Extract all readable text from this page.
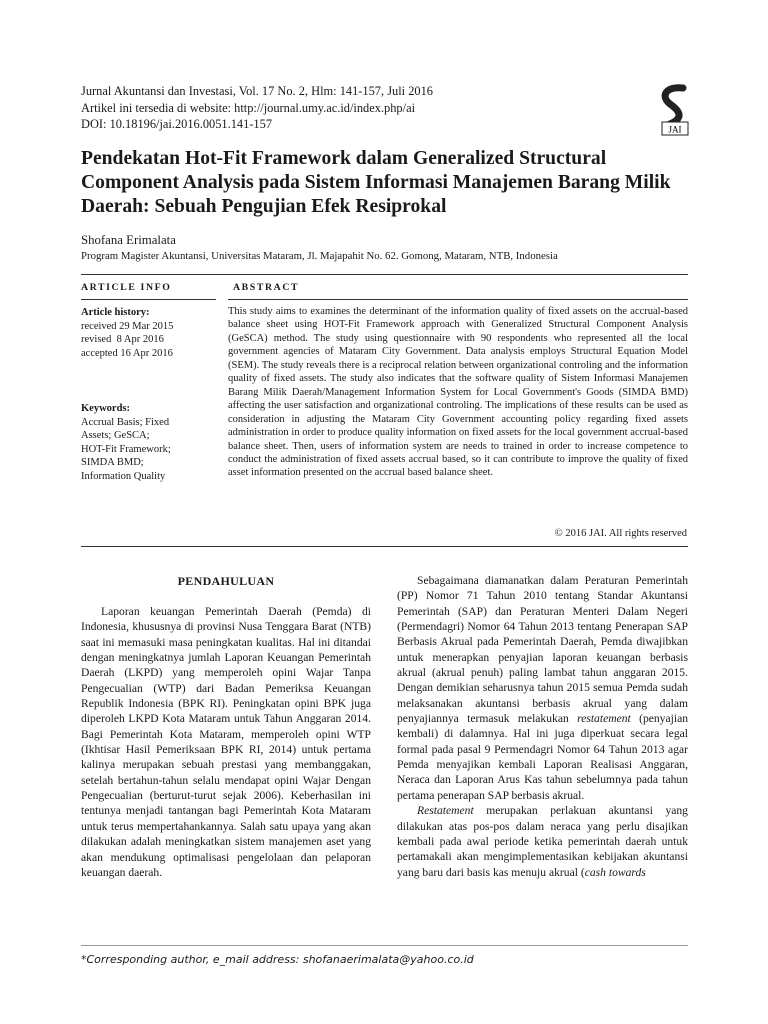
Jurnal Akuntansi dan Investasi, Vol. 17 No. 2, Hlm: 141-157, Juli 2016
Artikel ini tersedia di website: http://journal.umy.ac.id/index.php/ai
DOI: 10.18196/jai.2016.0051.141-157	JAI
Pendekatan Hot-Fit Framework dalam Generalized Structural Component Analysis pada Sistem Informasi Manajemen Barang Milik Daerah: Sebuah Pengujian Efek Resiprokal
Shofana Erimalata
Program Magister Akuntansi, Universitas Mataram, Jl. Majapahit No. 62. Gomong, Mataram, NTB, Indonesia
ARTICLE INFO	ABSTRACT
Article history:
received 29 Mar 2015
revised  8 Apr 2016
accepted 16 Apr 2016
Keywords:
Accrual Basis; Fixed
Assets; GeSCA;
HOT-Fit Framework;
SIMDA BMD;
Information Quality
This study aims to examines the determinant of the information quality of fixed assets on the accrual-based balance sheet using HOT-Fit Framework approach with Generalized Structural Component Analysis (GeSCA) method. The study using questionnaire with 90 respondents who represented all the local government agencies of Mataram City Government. Data analysis employs Structural Equation Model (SEM). The study reveals there is a reciprocal relation between organizational controling and the information quality of fixed assets. The study also indicates that the software quality of Sistem Informasi Manajemen Barang Milik Daerah/Management Information System for Local Government's Goods (SIMDA BMD) affecting the user satisfaction and organizational controling. The implications of these results can be used as consideration in adjusting the Mataram City Government accounting policy regarding fixed assets administration in order to produce quality information on fixed assets for the local government accrual-based balance sheet. Then, users of information system are needs to trained in order to increase competence to conduct the administration of fixed assets accrual based, so it can contribute to improve the quality of fixed asset information presented on the accrual based balance sheet.
© 2016 JAI. All rights reserved
PENDAHULUAN

Laporan keuangan Pemerintah Daerah (Pemda) di Indonesia, khususnya di provinsi Nusa Tenggara Barat (NTB) saat ini memasuki masa peningkatan kualitas. Hal ini ditandai dengan meningkatnya jumlah Laporan Keuangan Pemerintah Daerah (LKPD) yang memperoleh opini Wajar Tanpa Pengecualian (WTP) dari Badan Pemeriksa Keuangan Republik Indonesia (BPK RI). Peningkatan opini BPK juga diperoleh LKPD Kota Mataram untuk Tahun Anggaran 2014. Bagi Pemerintah Kota Mataram, memperoleh opini WTP (Ikhtisar Hasil Pemeriksaan BPK RI, 2014) untuk pertama kalinya merupakan sebuah prestasi yang membanggakan, setelah bertahun-tahun selalu mendapat opini Wajar Dengan Pengecualian (berturut-turut sejak 2006). Keberhasilan ini tentunya menjadi tantangan bagi Pemerintah Kota Mataram untuk terus mempertahankannya. Salah satu upaya yang akan dilakukan adalah meningkatkan sistem manajemen aset yang akan mendukung optimalisasi pengelolaan dan pelaporan keuangan daerah.

Sebagaimana diamanatkan dalam Peraturan Pemerintah (PP) Nomor 71 Tahun 2010 tentang Standar Akuntansi Pemerintah (SAP) dan Peraturan Menteri Dalam Negeri (Permendagri) Nomor 64 Tahun 2013 tentang Penerapan SAP Berbasis Akrual pada Pemerintah Daerah, Pemda diwajibkan untuk menerapkan penyajian laporan keuangan berbasis akrual (akrual penuh) paling lambat tahun anggaran 2015. Dengan demikian seharusnya tahun 2015 semua Pemda sudah melaksanakan akuntansi berbasis akrual yang dalam penyajiannya termasuk melakukan restatement (penyajian kembali) di dalamnya. Hal ini juga diperkuat secara legal formal pada pasal 9 Permendagri Nomor 64 Tahun 2013 agar Pemda menyajikan kembali Laporan Realisasi Anggaran, Neraca dan Laporan Arus Kas tahun sebelumnya pada tahun pertama penerapan SAP berbasis akrual.

Restatement merupakan perlakuan akuntansi yang dilakukan atas pos-pos dalam neraca yang perlu disajikan kembali pada awal periode ketika pemerintah daerah untuk pertamakali akan mengimplementasikan kebijakan akuntansi yang baru dari basis kas menuju akrual (cash towards

*Corresponding author, e_mail address: shofanaerimalata@yahoo.co.id
